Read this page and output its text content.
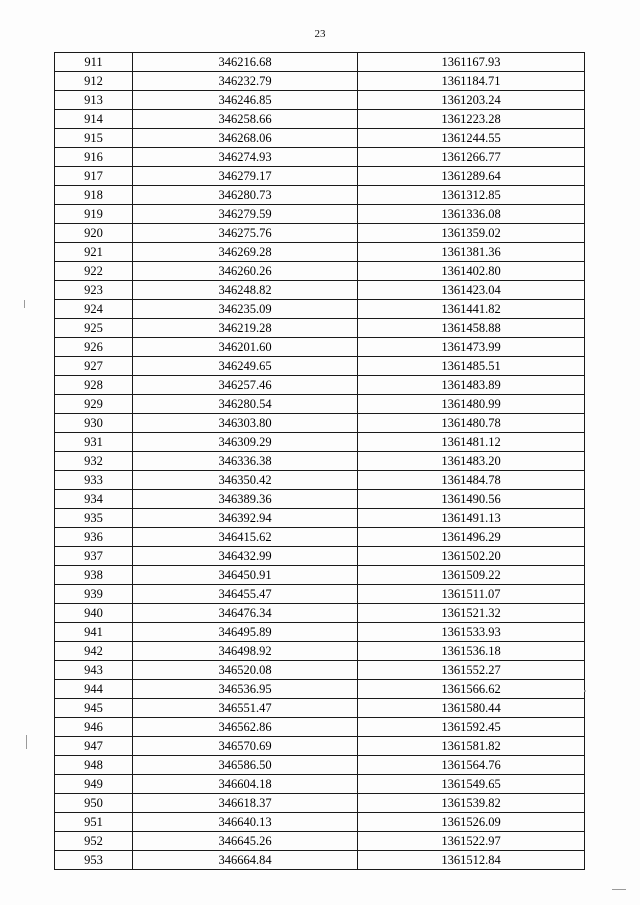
23
911	346216.68	1361167.93
912	346232.79	1361184.71
913	346246.85	1361203.24
914	346258.66	1361223.28
915	346268.06	1361244.55
916	346274.93	1361266.77
917	346279.17	1361289.64
918	346280.73	1361312.85
919	346279.59	1361336.08
920	346275.76	1361359.02
921	346269.28	1361381.36
922	346260.26	1361402.80
923	346248.82	1361423.04
924	346235.09	1361441.82
925	346219.28	1361458.88
926	346201.60	1361473.99
927	346249.65	1361485.51
928	346257.46	1361483.89
929	346280.54	1361480.99
930	346303.80	1361480.78
931	346309.29	1361481.12
932	346336.38	1361483.20
933	346350.42	1361484.78
934	346389.36	1361490.56
935	346392.94	1361491.13
936	346415.62	1361496.29
937	346432.99	1361502.20
938	346450.91	1361509.22
939	346455.47	1361511.07
940	346476.34	1361521.32
941	346495.89	1361533.93
942	346498.92	1361536.18
943	346520.08	1361552.27
944	346536.95	1361566.62
945	346551.47	1361580.44
946	346562.86	1361592.45
947	346570.69	1361581.82
948	346586.50	1361564.76
949	346604.18	1361549.65
950	346618.37	1361539.82
951	346640.13	1361526.09
952	346645.26	1361522.97
953	346664.84	1361512.84
